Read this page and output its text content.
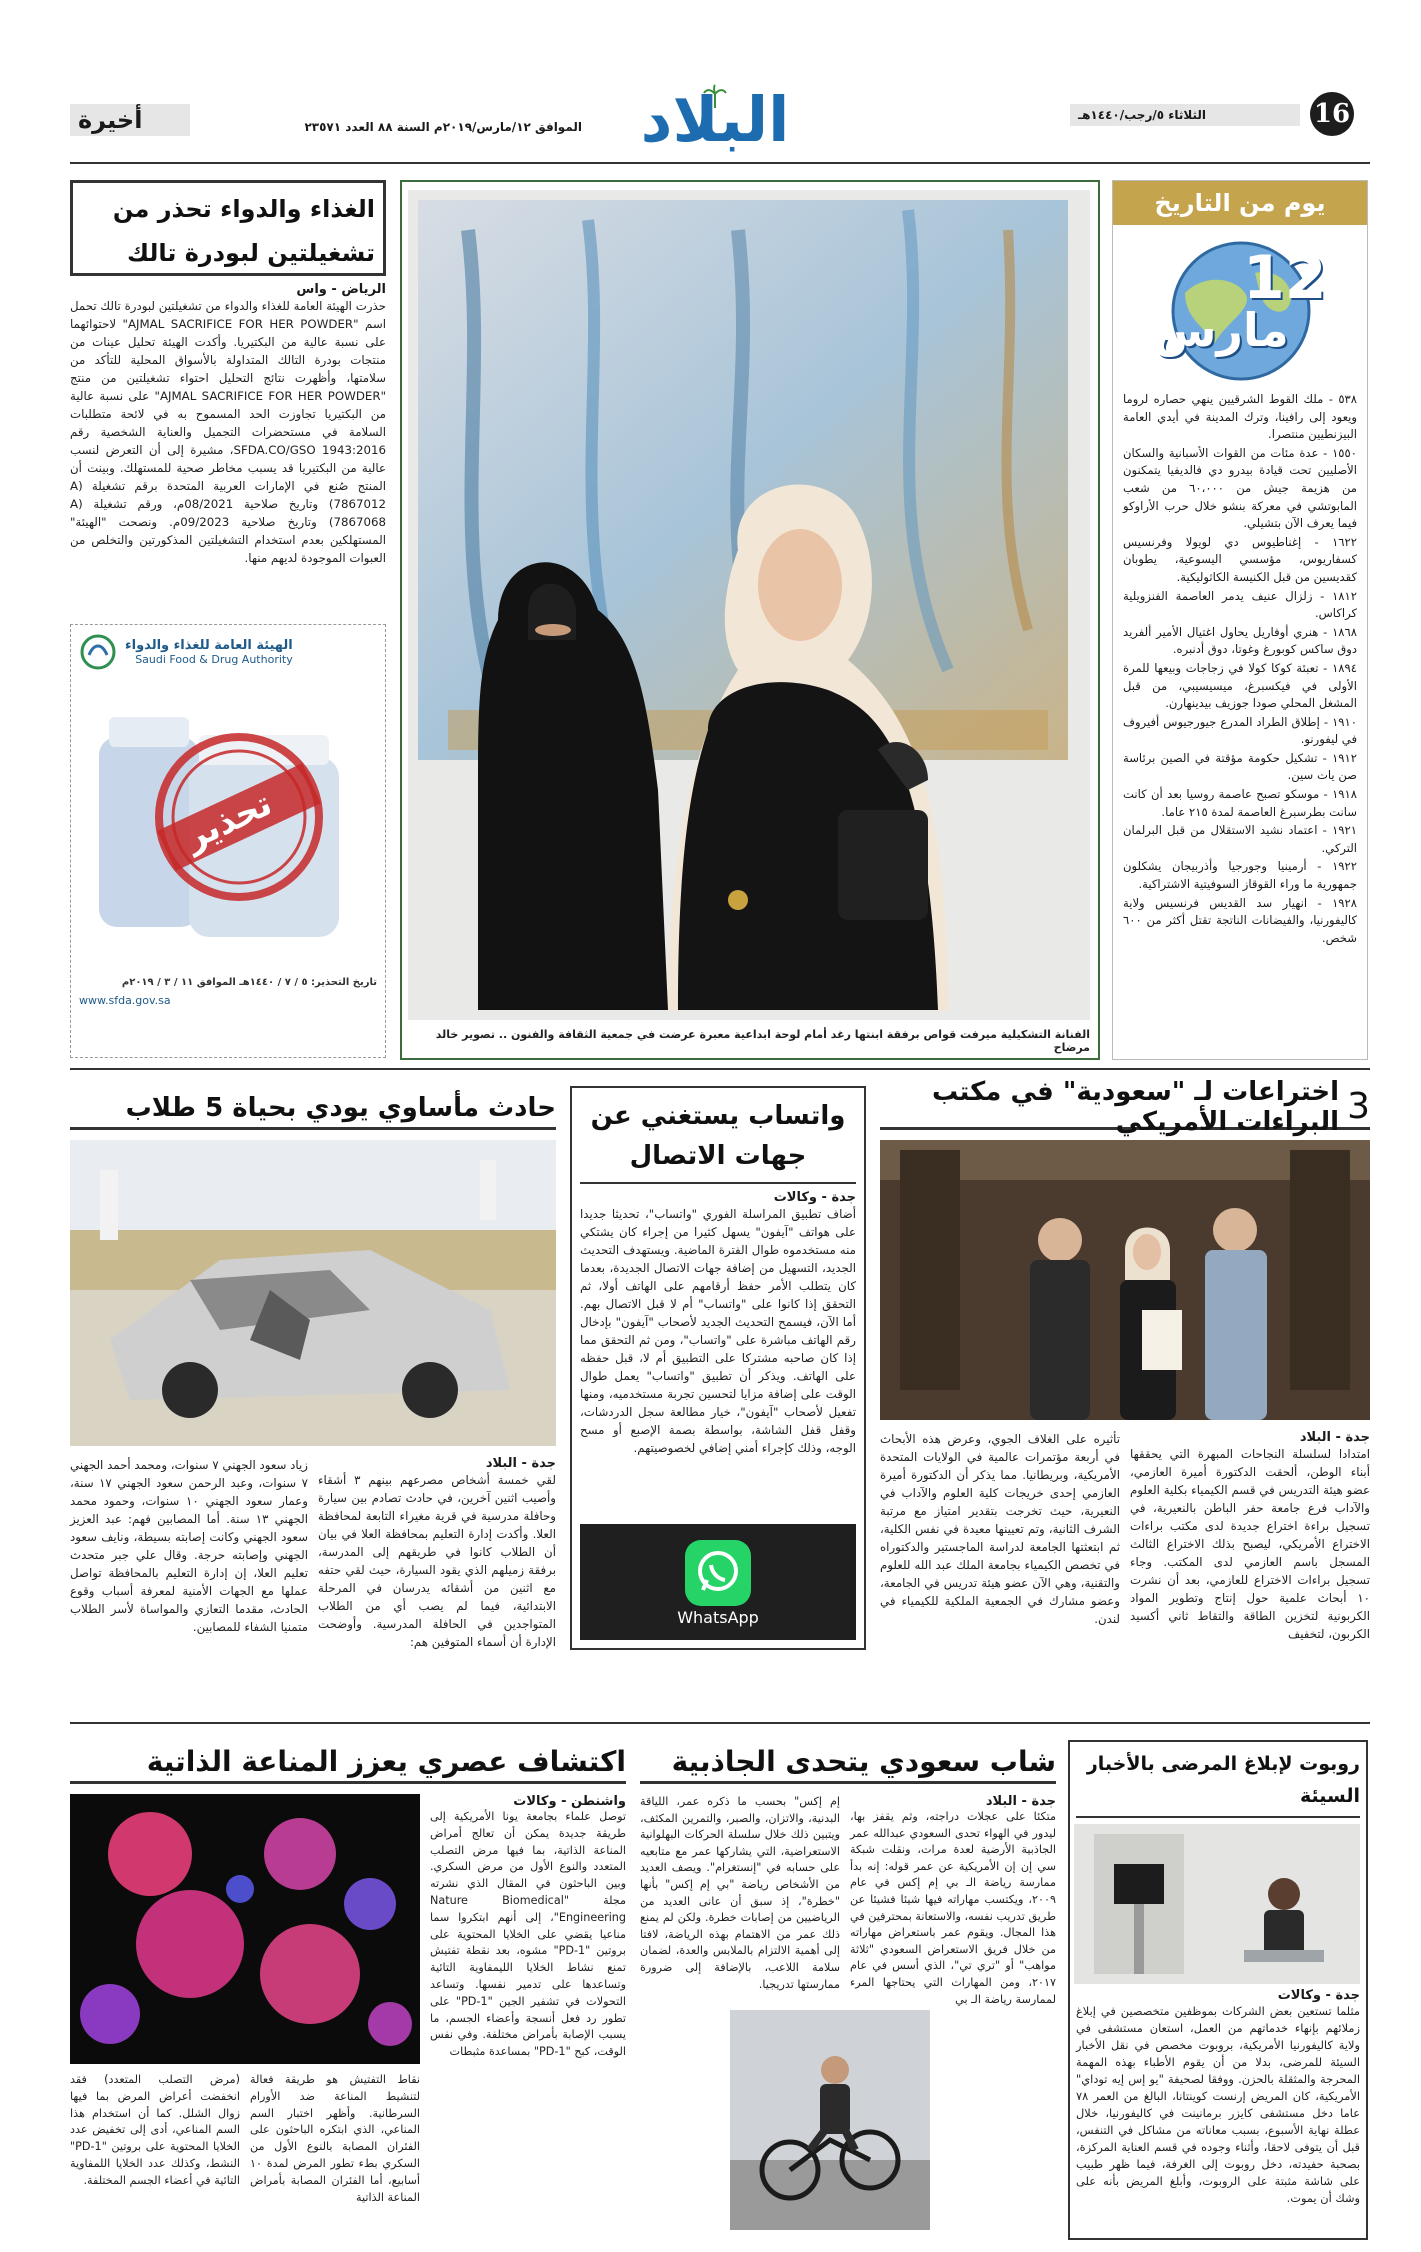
16
الثلاثاء ٥/رجب/١٤٤٠هـ
البلاد
الموافق ١٢/مارس/٢٠١٩م السنة ٨٨ العدد ٢٣٥٧١
أخيرة
يوم من التاريخ
12
مارس
٥٣٨ - ملك القوط الشرقيين ينهي حصاره لروما ويعود إلى رافينا، وترك المدينة في أيدي العامة البيزنطيين منتصرا.
١٥٥٠ - عدة مئات من القوات الأسبانية والسكان الأصليين تحت قيادة بيدرو دي فالديفيا يتمكنون من هزيمة جيش من ٦٠،٠٠٠ من شعب المابوتشي في معركة بنشو خلال حرب الأراوكو فيما يعرف الآن بتشيلي.
١٦٢٢ - إغناطيوس دي لويولا وفرنسيس كسفاريوس، مؤسسي اليسوعية، يطوبان كقديسين من قبل الكنيسة الكاثوليكية.
١٨١٢ - زلزال عنيف يدمر العاصمة الفنزويلية كراكاس.
١٨٦٨ - هنري أوفاريل يحاول اغتيال الأمير ألفريد دوق ساكس كوبورغ وغوتا، دوق أدنبره.
١٨٩٤ - تعبئة كوكا كولا في زجاجات وبيعها للمرة الأولى في فيكسبرغ، ميسيسيبي، من قبل المشغل المحلي صودا جوزيف بيدينهارن.
١٩١٠ - إطلاق الطراد المدرع جيورجيوس أفيروف في ليفورنو.
١٩١٢ - تشكيل حكومة مؤقتة في الصين برئاسة صن يات سين.
١٩١٨ - موسكو تصبح عاصمة روسيا بعد أن كانت سانت بطرسبرغ العاصمة لمدة ٢١٥ عاما.
١٩٢١ - اعتماد نشيد الاستقلال من قبل البرلمان التركي.
١٩٢٢ - أرمينيا وجورجيا وأذربيجان يشكلون جمهورية ما وراء القوقاز السوفيتية الاشتراكية.
١٩٢٨ - انهيار سد القديس فرنسيس ولاية كاليفورنيا، والفيضانات الناتجة تقتل أكثر من ٦٠٠ شخص.
الفنانة التشكيلية ميرفت قواص برفقة ابنتها رغد أمام لوحة ابداعية معبرة عرضت في جمعية الثقافة والفنون .. تصوير خالد مرضاح
الغذاء والدواء تحذر من
تشغيلتين لبودرة تالك
الرياض - واس
حذرت الهيئة العامة للغذاء والدواء من تشغيلتين لبودرة تالك تحمل اسم "AJMAL SACRIFICE FOR HER POWDER" لاحتوائهما على نسبة عالية من البكتيريا. وأكدت الهيئة تحليل عينات من منتجات بودرة التالك المتداولة بالأسواق المحلية للتأكد من سلامتها، وأظهرت نتائج التحليل احتواء تشغيلتين من منتج "AJMAL SACRIFICE FOR HER POWDER" على نسبة عالية من البكتيريا تجاوزت الحد المسموح به في لائحة متطلبات السلامة في مستحضرات التجميل والعناية الشخصية رقم SFDA.CO/GSO 1943:2016، مشيرة إلى أن التعرض لنسب عالية من البكتيريا قد يسبب مخاطر صحية للمستهلك. وبينت أن المنتج صُنع في الإمارات العربية المتحدة برقم تشغيلة (A 7867012) وتاريخ صلاحية 08/2021م، ورقم تشغيلة (A 7867068) وتاريخ صلاحية 09/2023م. ونصحت "الهيئة" المستهلكين بعدم استخدام التشغيلتين المذكورتين والتخلص من العبوات الموجودة لديهم منها.
الهيئة العامة للغذاء والدواء
Saudi Food & Drug Authority
تحذير
تاريخ التحذير: ٥ / ٧ / ١٤٤٠هـ الموافق ١١ / ٣ / ٢٠١٩م
www.sfda.gov.sa
3
اختراعات لـ "سعودية" في مكتب البراءات الأمريكي
جدة - البلاد
امتدادا لسلسلة النجاحات المبهرة التي يحققها أبناء الوطن، ألحقت الدكتورة أميرة العازمي، عضو هيئة التدريس في قسم الكيمياء بكلية العلوم والآداب فرع جامعة حفر الباطن بالنعيرية، في تسجيل براءة اختراع جديدة لدى مكتب براءات الاختراع الأمريكي، ليصبح بذلك الاختراع الثالث المسجل باسم العازمي لدى المكتب. وجاء تسجيل براءات الاختراع للعازمي، بعد أن نشرت ١٠ أبحاث علمية حول إنتاج وتطوير المواد الكربونية لتخزين الطاقة والتقاط ثاني أكسيد الكربون، لتخفيف
تأثيره على الغلاف الجوي، وعرض هذه الأبحاث في أربعة مؤتمرات عالمية في الولايات المتحدة الأمريكية، وبريطانيا. مما يذكر أن الدكتورة أميرة العازمي إحدى خريجات كلية العلوم والآداب في النعيرية، حيث تخرجت بتقدير امتياز مع مرتبة الشرف الثانية، وتم تعيينها معيدة في نفس الكلية، ثم ابتعثتها الجامعة لدراسة الماجستير والدكتوراه في تخصص الكيمياء بجامعة الملك عبد الله للعلوم والتقنية، وهي الآن عضو هيئة تدريس في الجامعة، وعضو مشارك في الجمعية الملكية للكيمياء في لندن.
واتساب يستغني عن جهات الاتصال
جدة - وكالات
أضاف تطبيق المراسلة الفوري "واتساب"، تحديثا جديدا على هواتف "آيفون" يسهل كثيرا من إجراء كان يشتكي منه مستخدموه طوال الفترة الماضية. ويستهدف التحديث الجديد، التسهيل من إضافة جهات الاتصال الجديدة، بعدما كان يتطلب الأمر حفظ أرقامهم على الهاتف أولا، ثم التحقق إذا كانوا على "واتساب" أم لا قبل الاتصال بهم. أما الآن، فيسمح التحديث الجديد لأصحاب "آيفون" بإدخال رقم الهاتف مباشرة على "واتساب"، ومن ثم التحقق مما إذا كان صاحبه مشتركا على التطبيق أم لا، قبل حفظه على الهاتف. ويذكر أن تطبيق "واتساب" يعمل طوال الوقت على إضافة مزايا لتحسين تجربة مستخدميه، ومنها تفعيل لأصحاب "آيفون"، خيار مطالعة سجل الدردشات، وقفل قفل الشاشة، بواسطة بصمة الإصبع أو مسح الوجه، وذلك كإجراء أمني إضافي لخصوصيتهم.
WhatsApp
حادث مأساوي يودي بحياة 5 طلاب
جدة - البلاد
لقي خمسة أشخاص مصرعهم بينهم ٣ أشقاء وأصيب اثنين آخرين، في حادث تصادم بين سيارة وحافلة مدرسية في قرية مغيراء التابعة لمحافظة العلا. وأكدت إدارة التعليم بمحافظة العلا في بيان أن الطلاب كانوا في طريقهم إلى المدرسة، برفقة زميلهم الذي يقود السيارة، حيث لقي حتفه مع اثنين من أشقائه يدرسان في المرحلة الابتدائية، فيما لم يصب أي من الطلاب المتواجدين في الحافلة المدرسية. وأوضحت الإدارة أن أسماء المتوفين هم:
زياد سعود الجهني ٧ سنوات، ومحمد أحمد الجهني ٧ سنوات، وعبد الرحمن سعود الجهني ١٧ سنة، وعمار سعود الجهني ١٠ سنوات، وحمود محمد الجهني ١٣ سنة. أما المصابين فهم: عبد العزيز سعود الجهني وكانت إصابته بسيطة، ونايف سعود الجهني وإصابته حرجة. وقال علي جبر متحدث تعليم العلا، إن إدارة التعليم بالمحافظة تواصل عملها مع الجهات الأمنية لمعرفة أسباب وقوع الحادث، مقدما التعازي والمواساة لأسر الطلاب متمنيا الشفاء للمصابين.
روبوت لإبلاغ المرضى بالأخبار السيئة
جدة - وكالات
مثلما تستعين بعض الشركات بموظفين متخصصين في إبلاغ زملائهم بإنهاء خدماتهم من العمل، استعان مستشفى في ولاية كاليفورنيا الأمريكية، بروبوت مخصص في نقل الأخبار السيئة للمرضى، بدلا من أن يقوم الأطباء بهذه المهمة المحرجة والمثقلة بالحزن. ووفقا لصحيفة "يو إس إيه توداي" الأمريكية، كان المريض إرنست كوينتانا، البالغ من العمر ٧٨ عاما دخل مستشفى كايزر برمانينت في كاليفورنيا، خلال عطلة نهاية الأسبوع، بسبب معاناته من مشاكل في التنفس، قبل أن يتوفى لاحقا، وأثناء وجوده في قسم العناية المركزة، بصحبة حفيدته، دخل روبوت إلى الغرفة، فيما ظهر طبيب على شاشة مثبتة على الروبوت، وأبلغ المريض بأنه على وشك أن يموت.
شاب سعودي يتحدى الجاذبية
جدة - البلاد
متكئا على عجلات دراجته، وثم يقفز بها، ليدور في الهواء تحدى السعودي عبدالله عمر الجاذبية الأرضية لعدة مرات، ونقلت شبكة سي إن إن الأمريكية عن عمر قوله: إنه بدأ ممارسة رياضة الـ بي إم إكس في عام ٢٠٠٩، ويكتسب مهاراته فيها شيئا فشيئا عن طريق تدريب نفسه، والاستعانة بمحترفين في هذا المجال. ويقوم عمر باستعراض مهاراته من خلال فريق الاستعراض السعودي "ثلاثة مواهب" أو "تري تي"، الذي أسس في عام ٢٠١٧، ومن المهارات التي يحتاجها المرء لممارسة رياضة الـ بي
إم إكس" بحسب ما ذكره عمر، اللياقة البدنية، والاتزان، والصبر، والتمرين المكثف، ويتبين ذلك خلال سلسلة الحركات البهلوانية الاستعراضية، التي يشاركها عمر مع متابعيه على حسابه في "إنستغرام". ويصف العديد من الأشخاص رياضة "بي إم إكس" بأنها "خطرة"، إذ سبق أن عانى العديد من الرياضيين من إصابات خطرة. ولكن لم يمنع ذلك عمر من الاهتمام بهذه الرياضة، لافتا إلى أهمية الالتزام بالملابس والعدة، لضمان سلامة اللاعب، بالإضافة إلى ضرورة ممارستها تدريجيا.
اكتشاف عصري يعزز المناعة الذاتية
واشنطن - وكالات
توصل علماء بجامعة يونا الأمريكية إلى طريقة جديدة يمكن أن تعالج أمراض المناعة الذاتية، بما فيها مرض التصلب المتعدد والنوع الأول من مرض السكري. وبين الباحثون في المقال الذي نشرته مجلة "Nature Biomedical Engineering"، إلى أنهم ابتكروا سما مناعيا يقضي على الخلايا المحتوية على بروتين "PD-1" مشوه، بعد نقطة تفتيش تمنع نشاط الخلايا الليمفاوية التائية وتساعدها على تدمير نفسها. وتساعد التحولات في تشفير الجين "PD-1" على تطور رد فعل أنسجة وأعضاء الجسم، ما يسبب الإصابة بأمراض مختلفة. وفي نفس الوقت، كبح "PD-1" بمساعدة مثبطات
نقاط التفتيش هو طريقة فعالة لتنشيط المناعة ضد الأورام السرطانية. وأظهر اختبار السم المناعي، الذي ابتكره الباحثون على الفئران المصابة بالنوع الأول من السكري بطء تطور المرض لمدة ١٠ أسابيع، أما الفئران المصابة بأمراض المناعة الذاتية
(مرض التصلب المتعدد) فقد انخفضت أعراض المرض بما فيها زوال الشلل. كما أن استخدام هذا السم المناعي، أدى إلى تخفيض عدد الخلايا المحتوية على بروتين "PD-1" النشط، وكذلك عدد الخلايا اللمفاوية التائية في أعضاء الجسم المختلفة.
